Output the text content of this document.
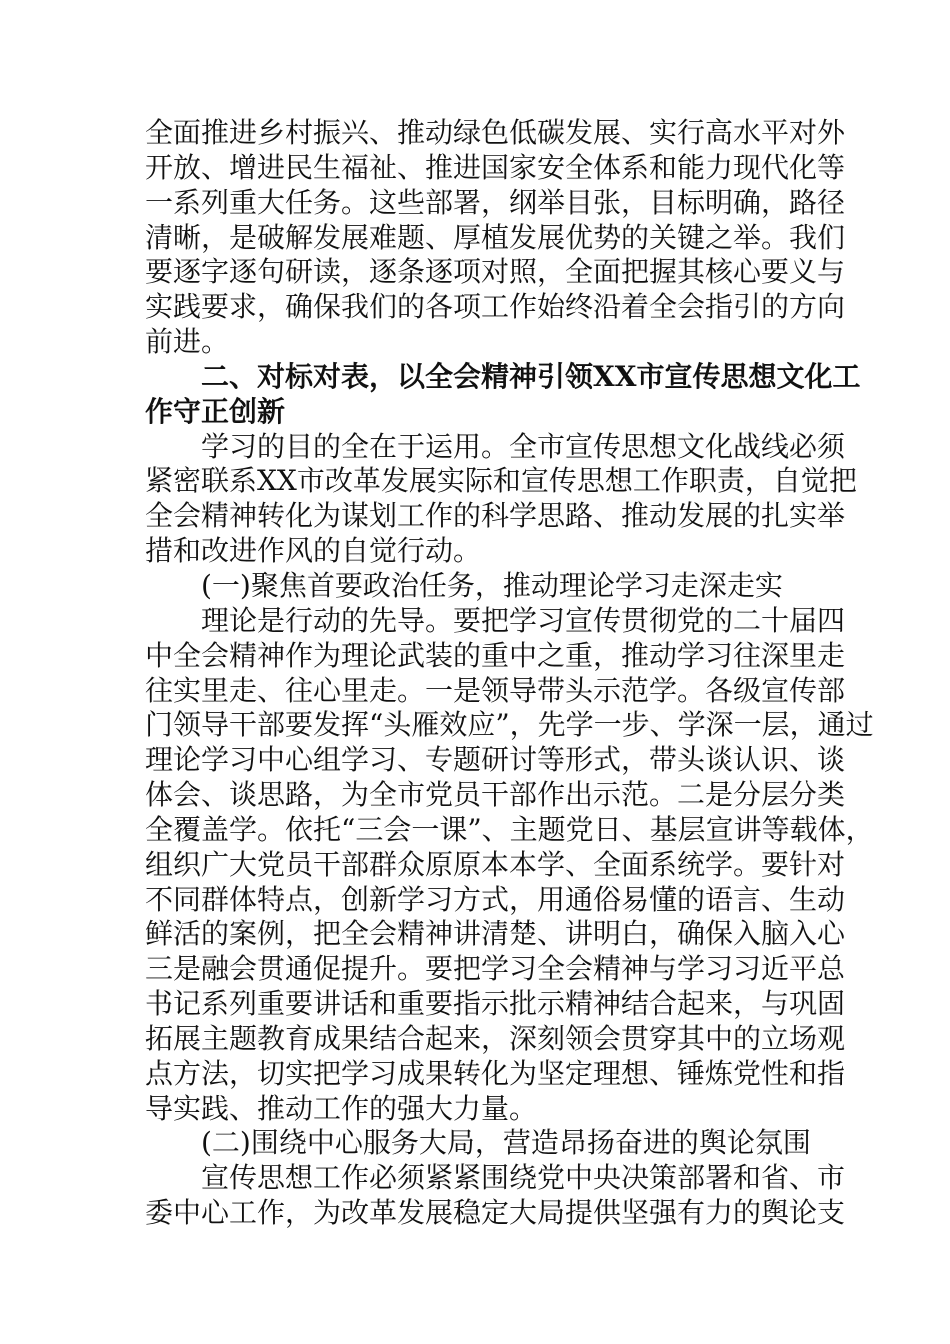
全面推进乡村振兴、推动绿色低碳发展、实行高水平对外
开放、增进民生福祉、推进国家安全体系和能力现代化等
一系列重大任务。这些部署，纲举目张，目标明确，路径
清晰，是破解发展难题、厚植发展优势的关键之举。我们
要逐字逐句研读，逐条逐项对照，全面把握其核心要义与
实践要求，确保我们的各项工作始终沿着全会指引的方向
前进。
二、对标对表，以全会精神引领XX市宣传思想文化工
作守正创新
学习的目的全在于运用。全市宣传思想文化战线必须
紧密联系XX市改革发展实际和宣传思想工作职责，自觉把
全会精神转化为谋划工作的科学思路、推动发展的扎实举
措和改进作风的自觉行动。
(一)聚焦首要政治任务，推动理论学习走深走实
理论是行动的先导。要把学习宣传贯彻党的二十届四
中全会精神作为理论武装的重中之重，推动学习往深里走
往实里走、往心里走。一是领导带头示范学。各级宣传部
门领导干部要发挥“头雁效应”，先学一步、学深一层，通过
理论学习中心组学习、专题研讨等形式，带头谈认识、谈
体会、谈思路，为全市党员干部作出示范。二是分层分类
全覆盖学。依托“三会一课”、主题党日、基层宣讲等载体，
组织广大党员干部群众原原本本学、全面系统学。要针对
不同群体特点，创新学习方式，用通俗易懂的语言、生动
鲜活的案例，把全会精神讲清楚、讲明白，确保入脑入心
三是融会贯通促提升。要把学习全会精神与学习习近平总
书记系列重要讲话和重要指示批示精神结合起来，与巩固
拓展主题教育成果结合起来，深刻领会贯穿其中的立场观
点方法，切实把学习成果转化为坚定理想、锤炼党性和指
导实践、推动工作的强大力量。
(二)围绕中心服务大局，营造昂扬奋进的舆论氛围
宣传思想工作必须紧紧围绕党中央决策部署和省、市
委中心工作，为改革发展稳定大局提供坚强有力的舆论支
